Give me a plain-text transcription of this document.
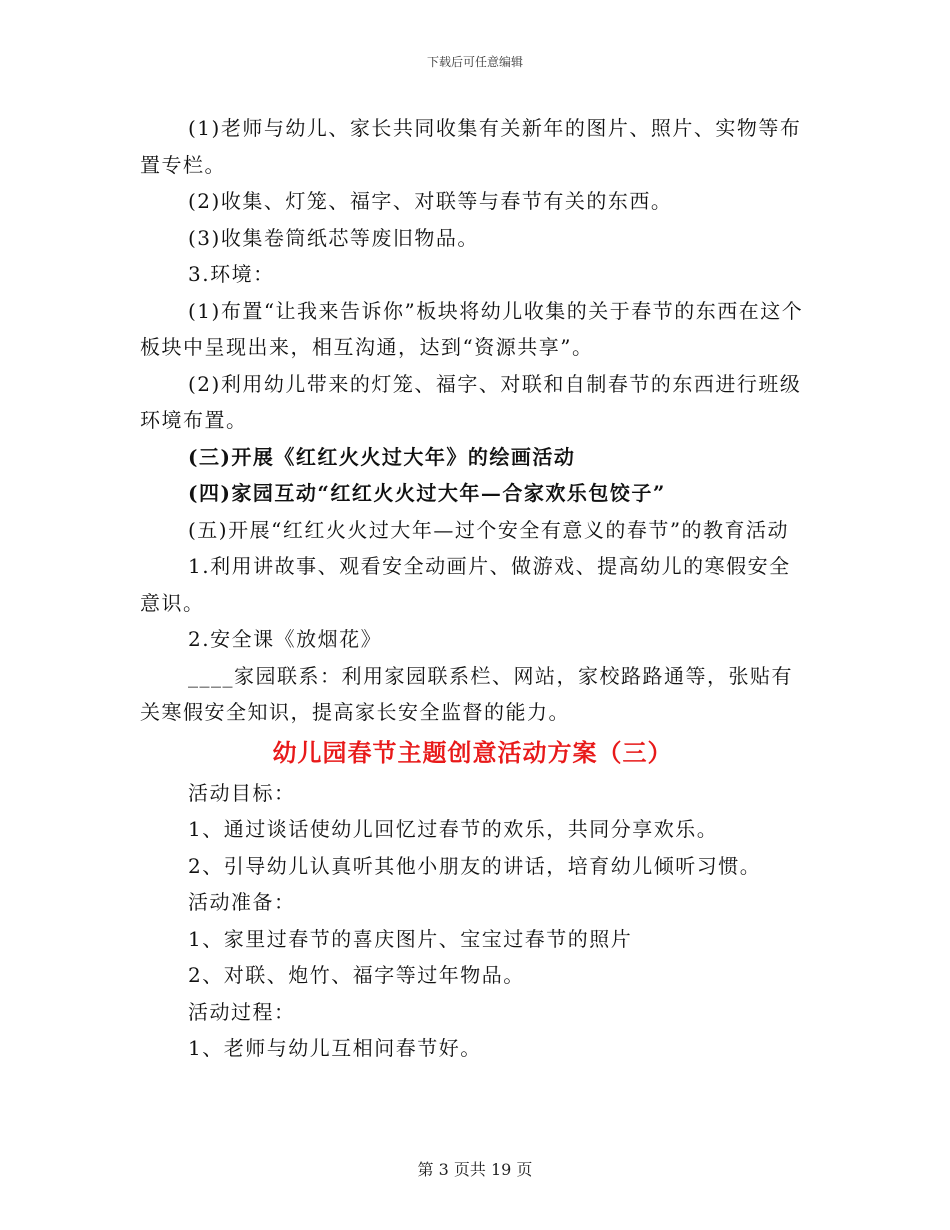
下载后可任意编辑

(1)老师与幼儿、家长共同收集有关新年的图片、照片、实物等布置专栏。

(2)收集、灯笼、福字、对联等与春节有关的东西。

(3)收集卷筒纸芯等废旧物品。

3.环境：

(1)布置“让我来告诉你”板块将幼儿收集的关于春节的东西在这个板块中呈现出来，相互沟通，达到“资源共享”。

(2)利用幼儿带来的灯笼、福字、对联和自制春节的东西进行班级环境布置。

(三)开展《红红火火过大年》的绘画活动

(四)家园互动“红红火火过大年—合家欢乐包饺子”

(五)开展“红红火火过大年—过个安全有意义的春节”的教育活动

1.利用讲故事、观看安全动画片、做游戏、提高幼儿的寒假安全意识。

2.安全课《放烟花》

____家园联系：利用家园联系栏、网站，家校路路通等，张贴有关寒假安全知识，提高家长安全监督的能力。

幼儿园春节主题创意活动方案（三）

活动目标：

1、通过谈话使幼儿回忆过春节的欢乐，共同分享欢乐。

2、引导幼儿认真听其他小朋友的讲话，培育幼儿倾听习惯。

活动准备：

1、家里过春节的喜庆图片、宝宝过春节的照片

2、对联、炮竹、福字等过年物品。

活动过程：

1、老师与幼儿互相问春节好。

第 3 页共 19 页
